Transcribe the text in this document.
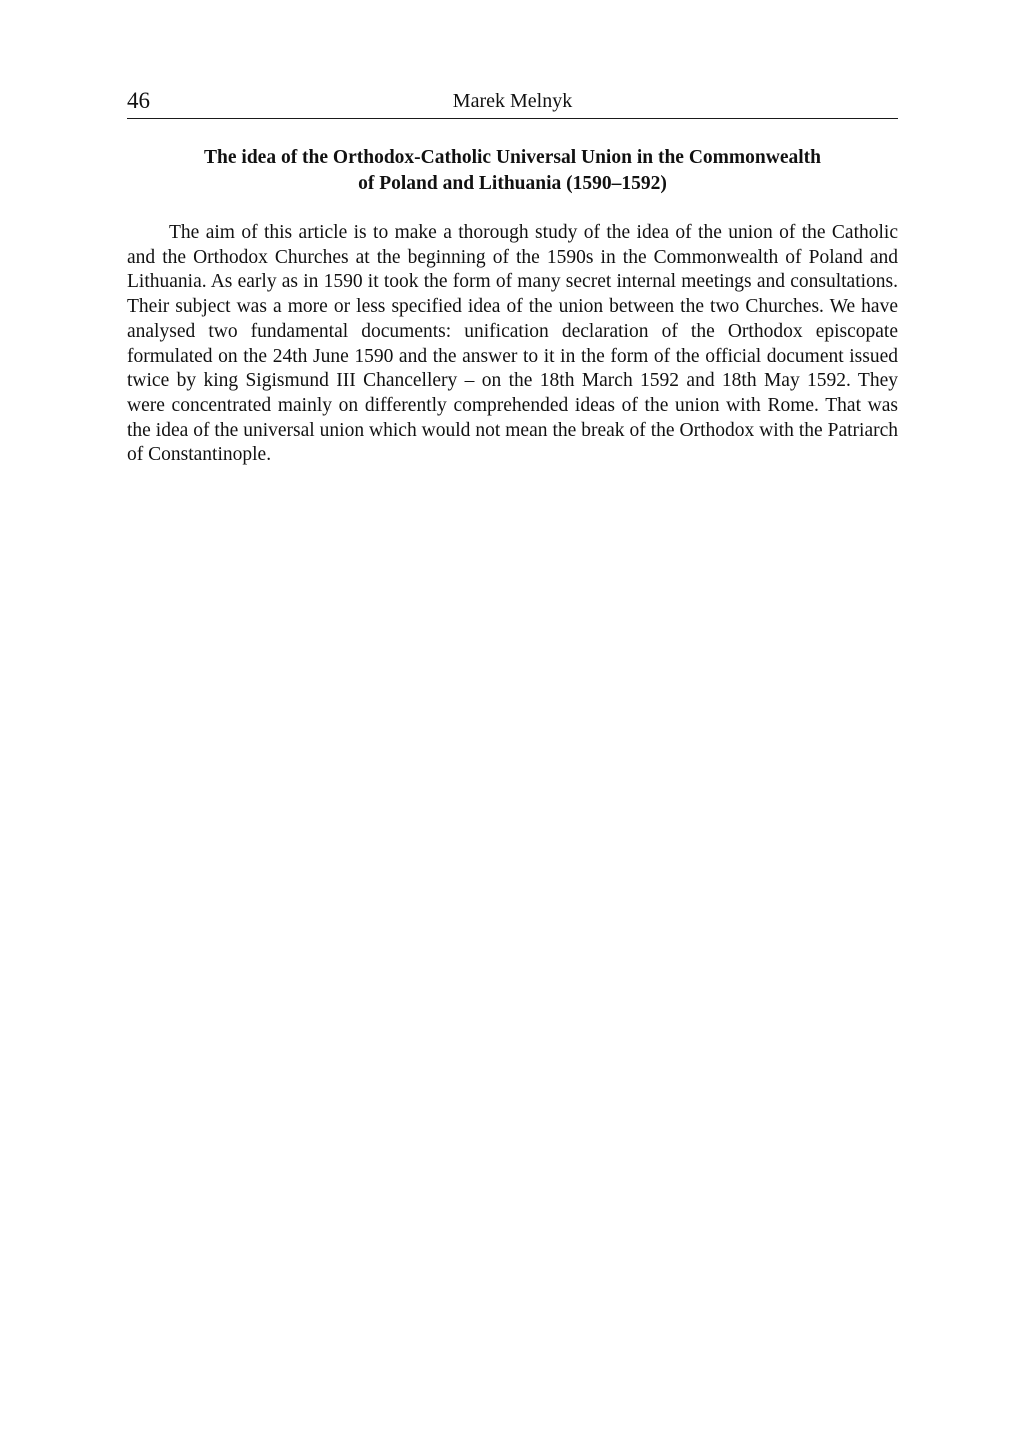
46	Marek Melnyk
The idea of the Orthodox-Catholic Universal Union in the Commonwealth
of Poland and Lithuania (1590–1592)

The aim of this article is to make a thorough study of the idea of the union of the Catholic and the Orthodox Churches at the beginning of the 1590s in the Commonwealth of Poland and Lithuania. As early as in 1590 it took the form of many secret internal meetings and consultations. Their subject was a more or less specified idea of the union between the two Churches. We have analysed two fundamental documents: unification declaration of the Orthodox episcopate formulated on the 24th June 1590 and the answer to it in the form of the official document issued twice by king Sigismund III Chancellery – on the 18th March 1592 and 18th May 1592. They were concentrated mainly on differently comprehended ideas of the union with Rome. That was the idea of the universal union which would not mean the break of the Orthodox with the Patriarch of Constantinople.
